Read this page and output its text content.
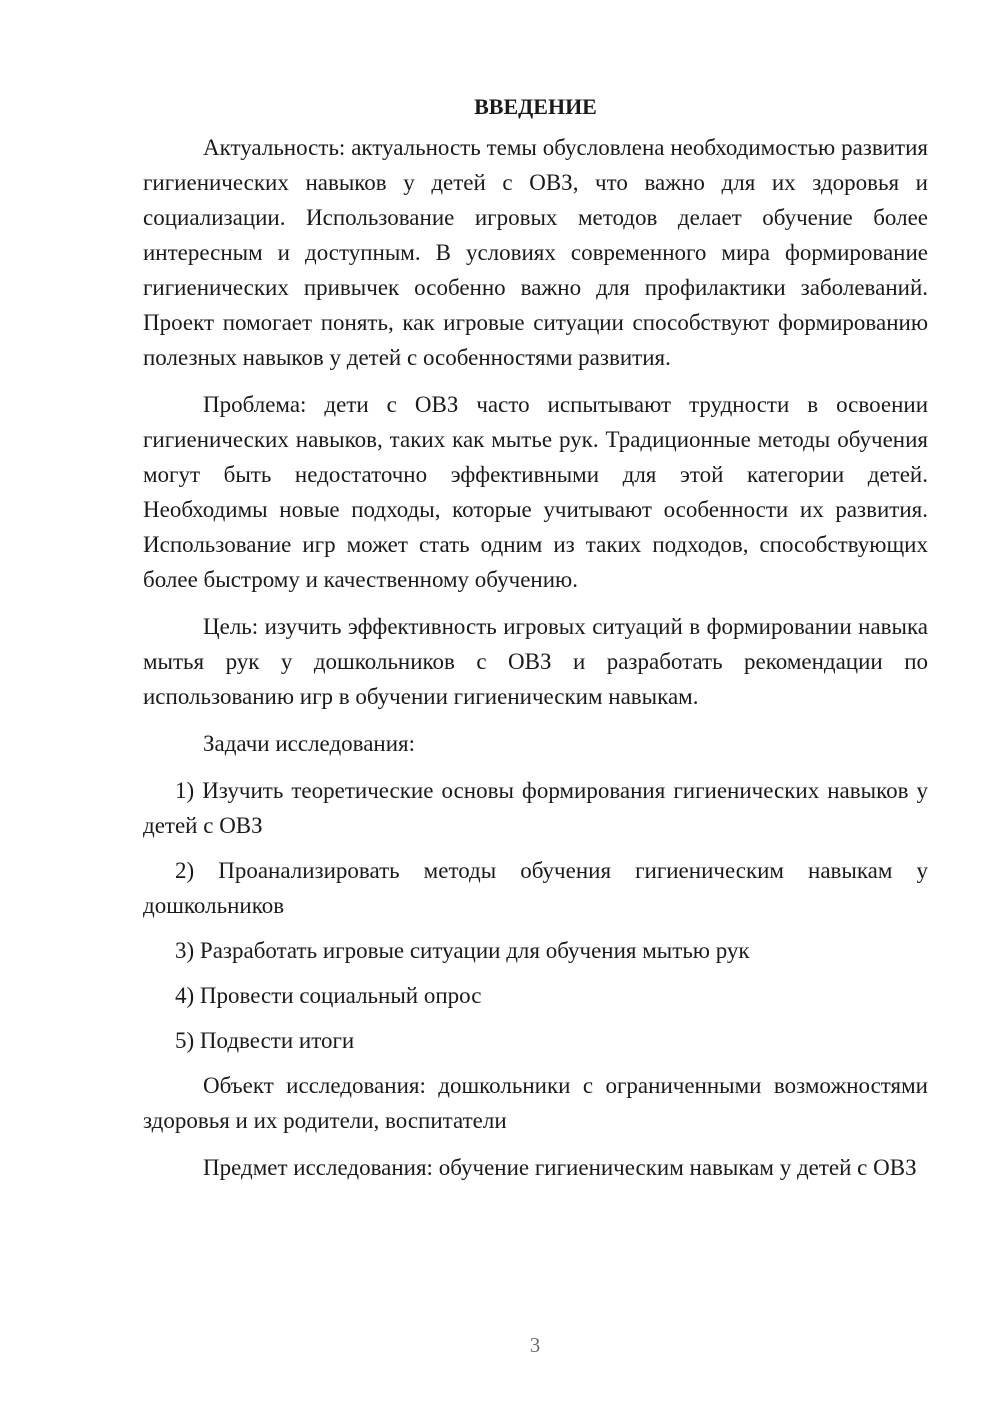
ВВЕДЕНИЕ

Актуальность: актуальность темы обусловлена необходимостью развития гигиенических навыков у детей с ОВЗ, что важно для их здоровья и социализации. Использование игровых методов делает обучение более интересным и доступным. В условиях современного мира формирование гигиенических привычек особенно важно для профилактики заболеваний. Проект помогает понять, как игровые ситуации способствуют формированию полезных навыков у детей с особенностями развития.

Проблема: дети с ОВЗ часто испытывают трудности в освоении гигиенических навыков, таких как мытье рук. Традиционные методы обучения могут быть недостаточно эффективными для этой категории детей. Необходимы новые подходы, которые учитывают особенности их развития. Использование игр может стать одним из таких подходов, способствующих более быстрому и качественному обучению.

Цель: изучить эффективность игровых ситуаций в формировании навыка мытья рук у дошкольников с ОВЗ и разработать рекомендации по использованию игр в обучении гигиеническим навыкам.

Задачи исследования:

1) Изучить теоретические основы формирования гигиенических навыков у детей с ОВЗ

2) Проанализировать методы обучения гигиеническим навыкам у дошкольников

3) Разработать игровые ситуации для обучения мытью рук

4) Провести социальный опрос

5) Подвести итоги

Объект исследования: дошкольники с ограниченными возможностями здоровья и их родители, воспитатели

Предмет исследования: обучение гигиеническим навыкам у детей с ОВЗ

3
